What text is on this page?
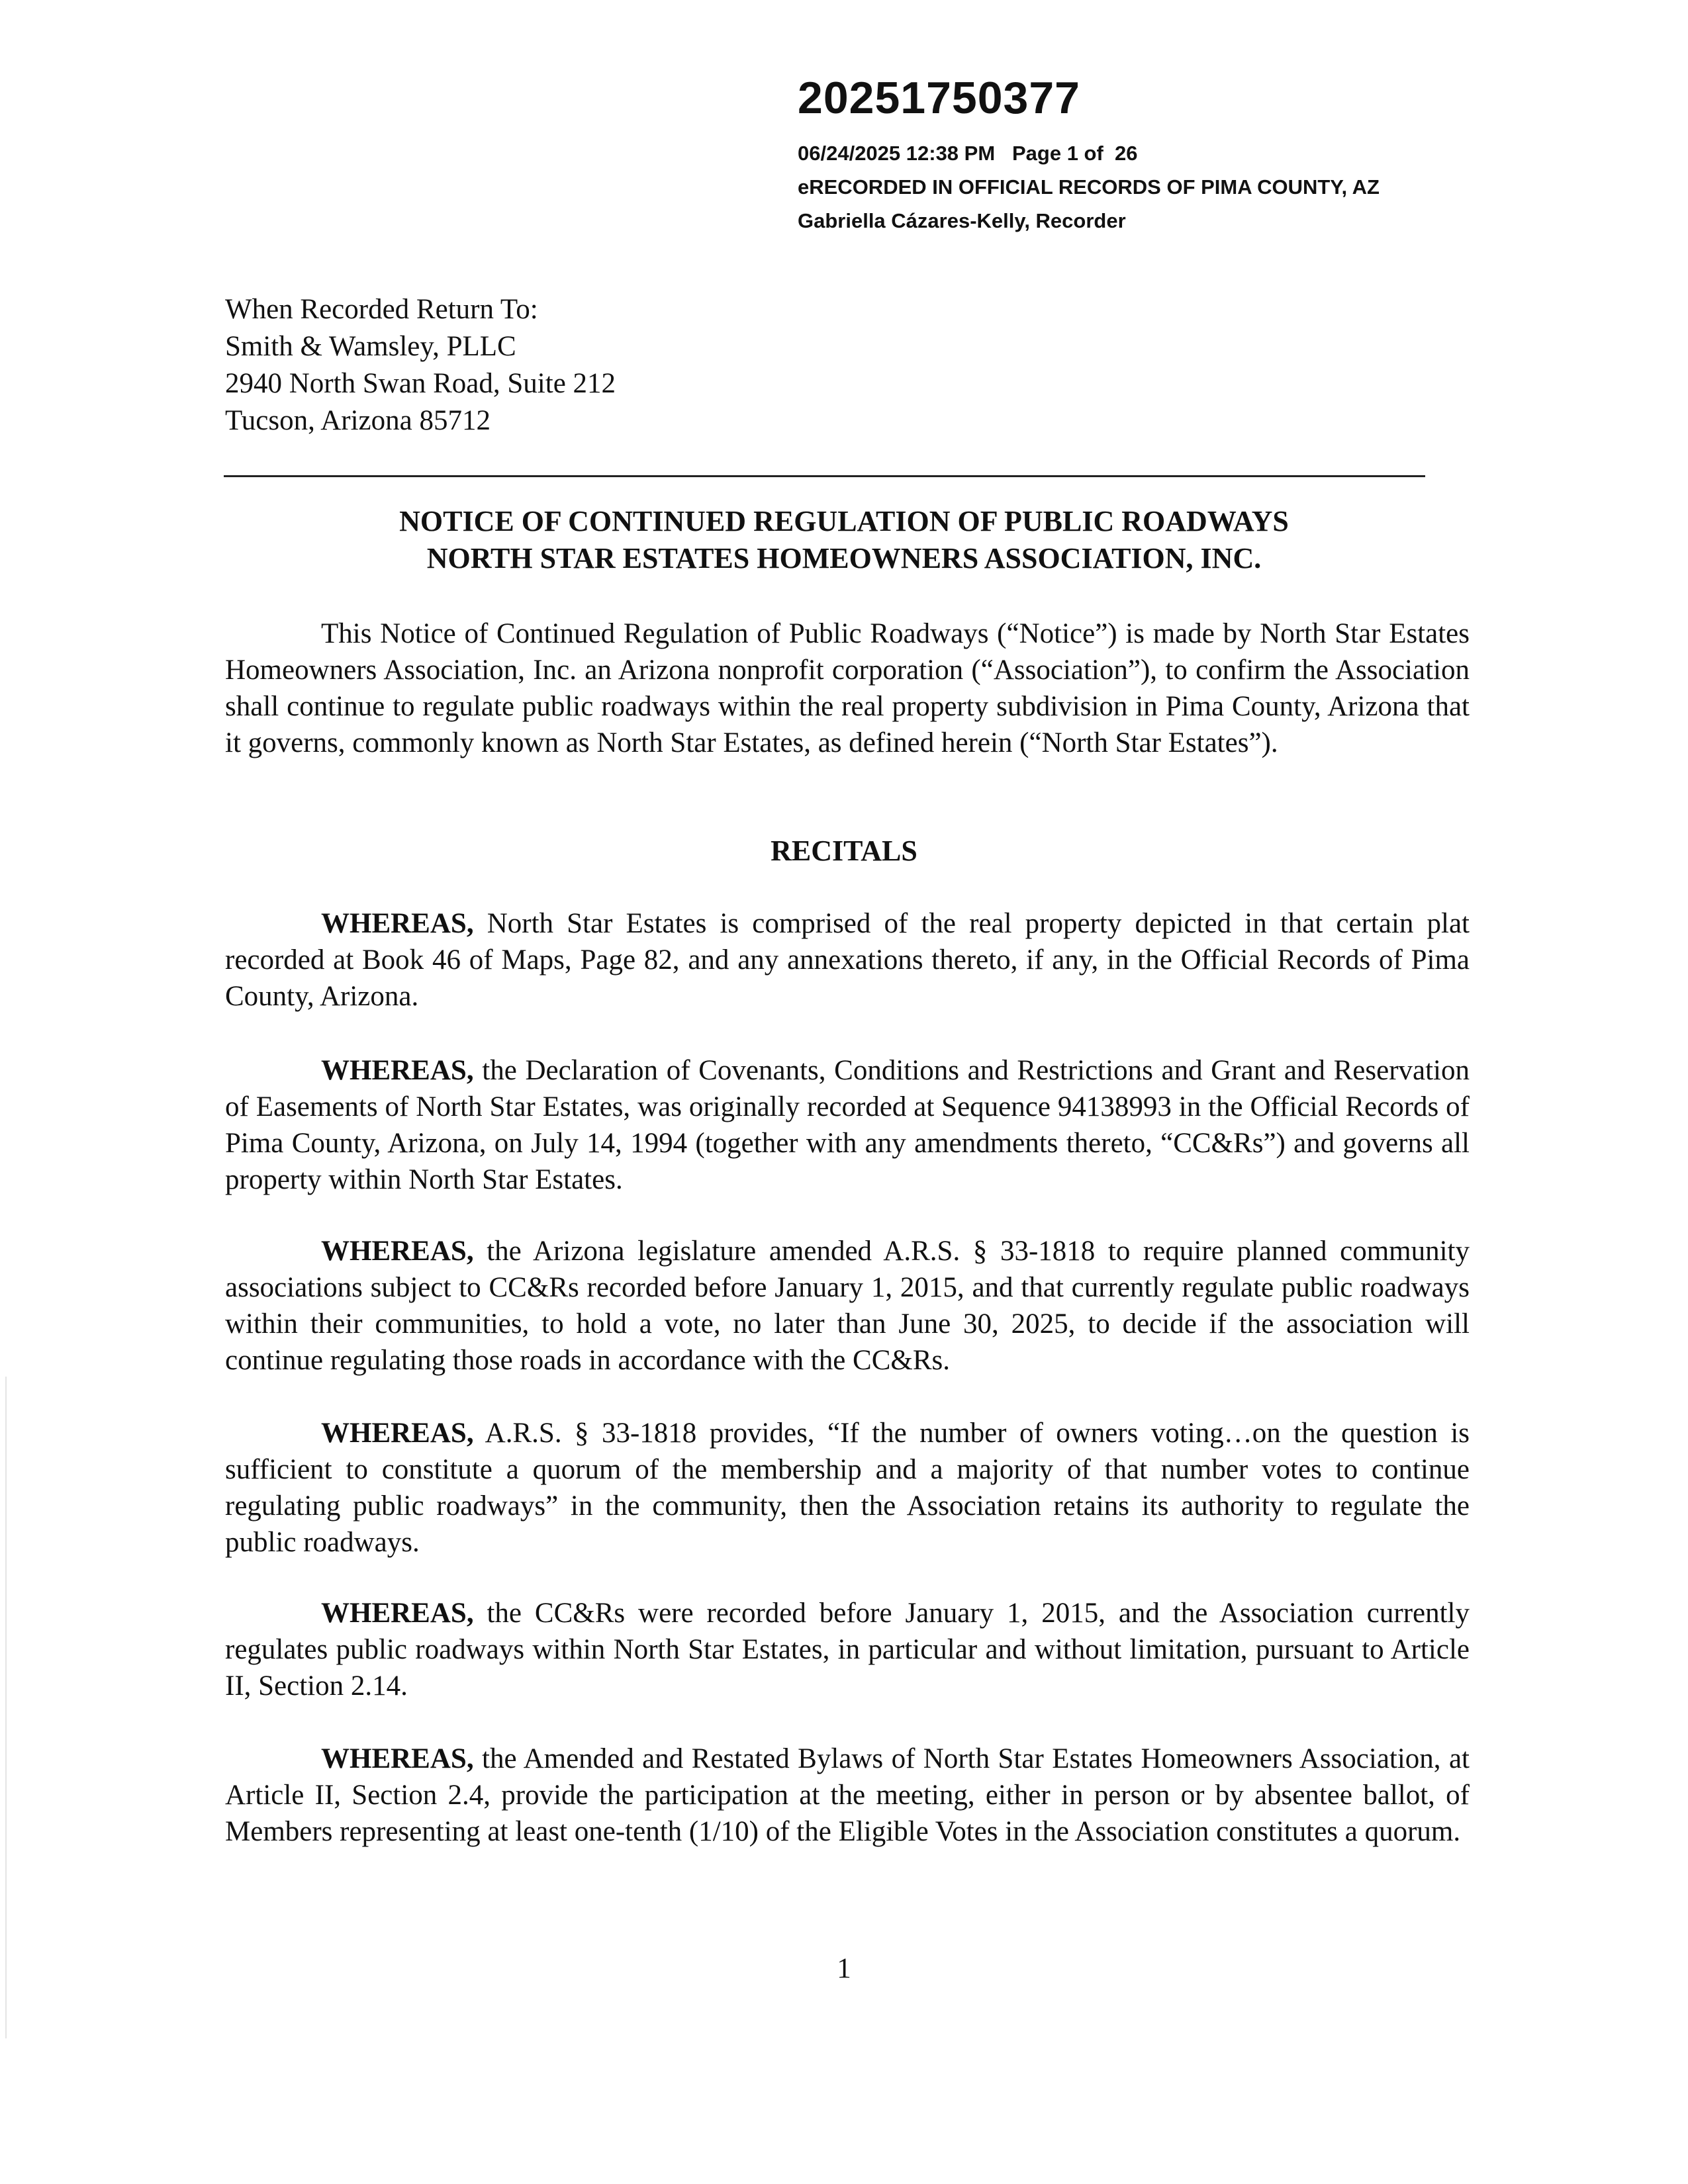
20251750377
06/24/2025 12:38 PM   Page 1 of  26
eRECORDED IN OFFICIAL RECORDS OF PIMA COUNTY, AZ
Gabriella Cázares-Kelly, Recorder
When Recorded Return To:
Smith & Wamsley, PLLC
2940 North Swan Road, Suite 212
Tucson, Arizona 85712
NOTICE OF CONTINUED REGULATION OF PUBLIC ROADWAYS
NORTH STAR ESTATES HOMEOWNERS ASSOCIATION, INC.
This Notice of Continued Regulation of Public Roadways (“Notice”) is made by North Star Estates Homeowners Association, Inc. an Arizona nonprofit corporation (“Association”), to confirm the Association shall continue to regulate public roadways within the real property subdivision in Pima County, Arizona that it governs, commonly known as North Star Estates, as defined herein (“North Star Estates”).
RECITALS
WHEREAS, North Star Estates is comprised of the real property depicted in that certain plat recorded at Book 46 of Maps, Page 82, and any annexations thereto, if any, in the Official Records of Pima County, Arizona.
WHEREAS, the Declaration of Covenants, Conditions and Restrictions and Grant and Reservation of Easements of North Star Estates, was originally recorded at Sequence 94138993 in the Official Records of Pima County, Arizona, on July 14, 1994 (together with any amendments thereto, “CC&Rs”) and governs all property within North Star Estates.
WHEREAS, the Arizona legislature amended A.R.S. § 33-1818 to require planned community associations subject to CC&Rs recorded before January 1, 2015, and that currently regulate public roadways within their communities, to hold a vote, no later than June 30, 2025, to decide if the association will continue regulating those roads in accordance with the CC&Rs.
WHEREAS, A.R.S. § 33-1818 provides, “If the number of owners voting…on the question is sufficient to constitute a quorum of the membership and a majority of that number votes to continue regulating public roadways” in the community, then the Association retains its authority to regulate the public roadways.
WHEREAS, the CC&Rs were recorded before January 1, 2015, and the Association currently regulates public roadways within North Star Estates, in particular and without limitation, pursuant to Article II, Section 2.14.
WHEREAS, the Amended and Restated Bylaws of North Star Estates Homeowners Association, at Article II, Section 2.4, provide the participation at the meeting, either in person or by absentee ballot, of Members representing at least one-tenth (1/10) of the Eligible Votes in the Association constitutes a quorum.
1
